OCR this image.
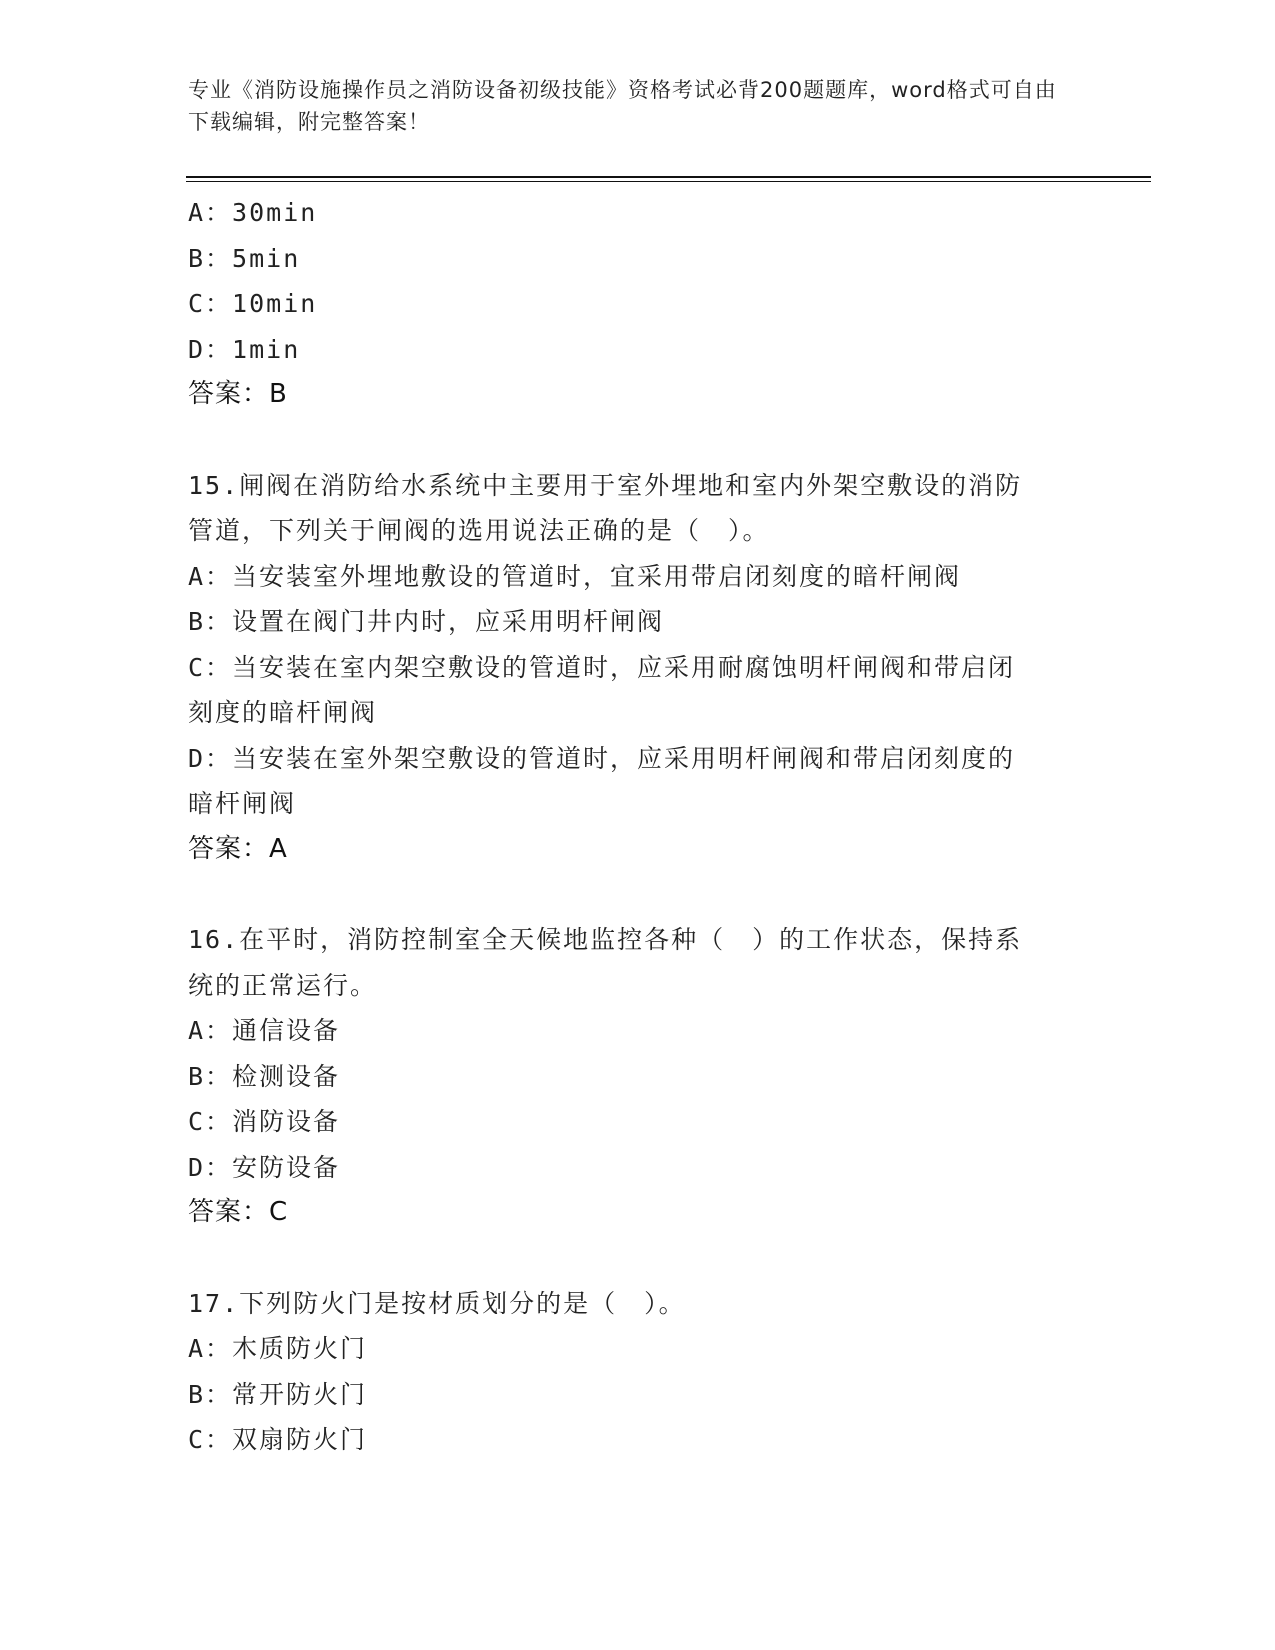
专业《消防设施操作员之消防设备初级技能》资格考试必背200题题库，word格式可自由下载编辑，附完整答案！

A：30min

B：5min

C：10min

D：1min

答案：B

15.闸阀在消防给水系统中主要用于室外埋地和室内外架空敷设的消防

管道，下列关于闸阀的选用说法正确的是（　）。

A：当安装室外埋地敷设的管道时，宜采用带启闭刻度的暗杆闸阀

B：设置在阀门井内时，应采用明杆闸阀

C：当安装在室内架空敷设的管道时，应采用耐腐蚀明杆闸阀和带启闭

刻度的暗杆闸阀

D：当安装在室外架空敷设的管道时，应采用明杆闸阀和带启闭刻度的

暗杆闸阀

答案：A

16.在平时，消防控制室全天候地监控各种（　）的工作状态，保持系

统的正常运行。

A：通信设备

B：检测设备

C：消防设备

D：安防设备

答案：C

17.下列防火门是按材质划分的是（　）。

A：木质防火门

B：常开防火门

C：双扇防火门
